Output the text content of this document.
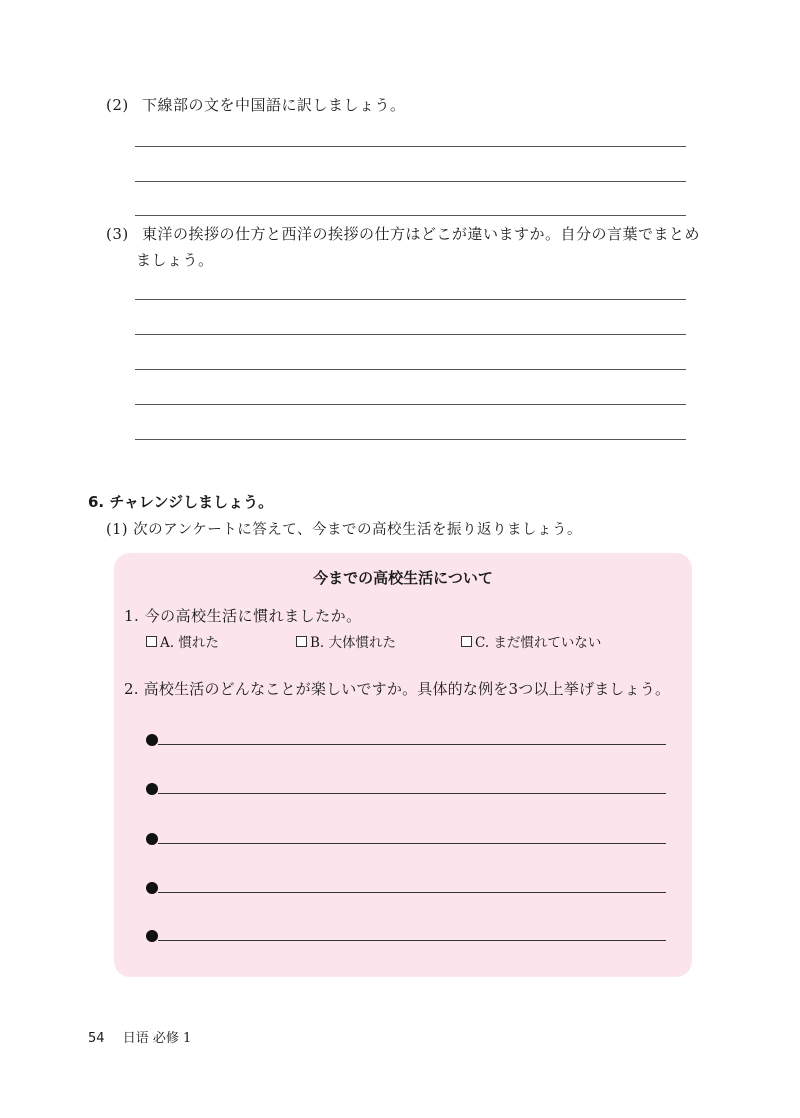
(2) 下線部の文を中国語に訳しましょう。
(3) 東洋の挨拶の仕方と西洋の挨拶の仕方はどこが違いますか。自分の言葉でまとめ
ましょう。
6. チャレンジしましょう。
(1) 次のアンケートに答えて、今までの高校生活を振り返りましょう。
今までの高校生活について
1. 今の高校生活に慣れましたか。
A. 慣れた	B. 大体慣れた	C. まだ慣れていない
2. 高校生活のどんなことが楽しいですか。具体的な例を3つ以上挙げましょう。
54 日语 必修 1
